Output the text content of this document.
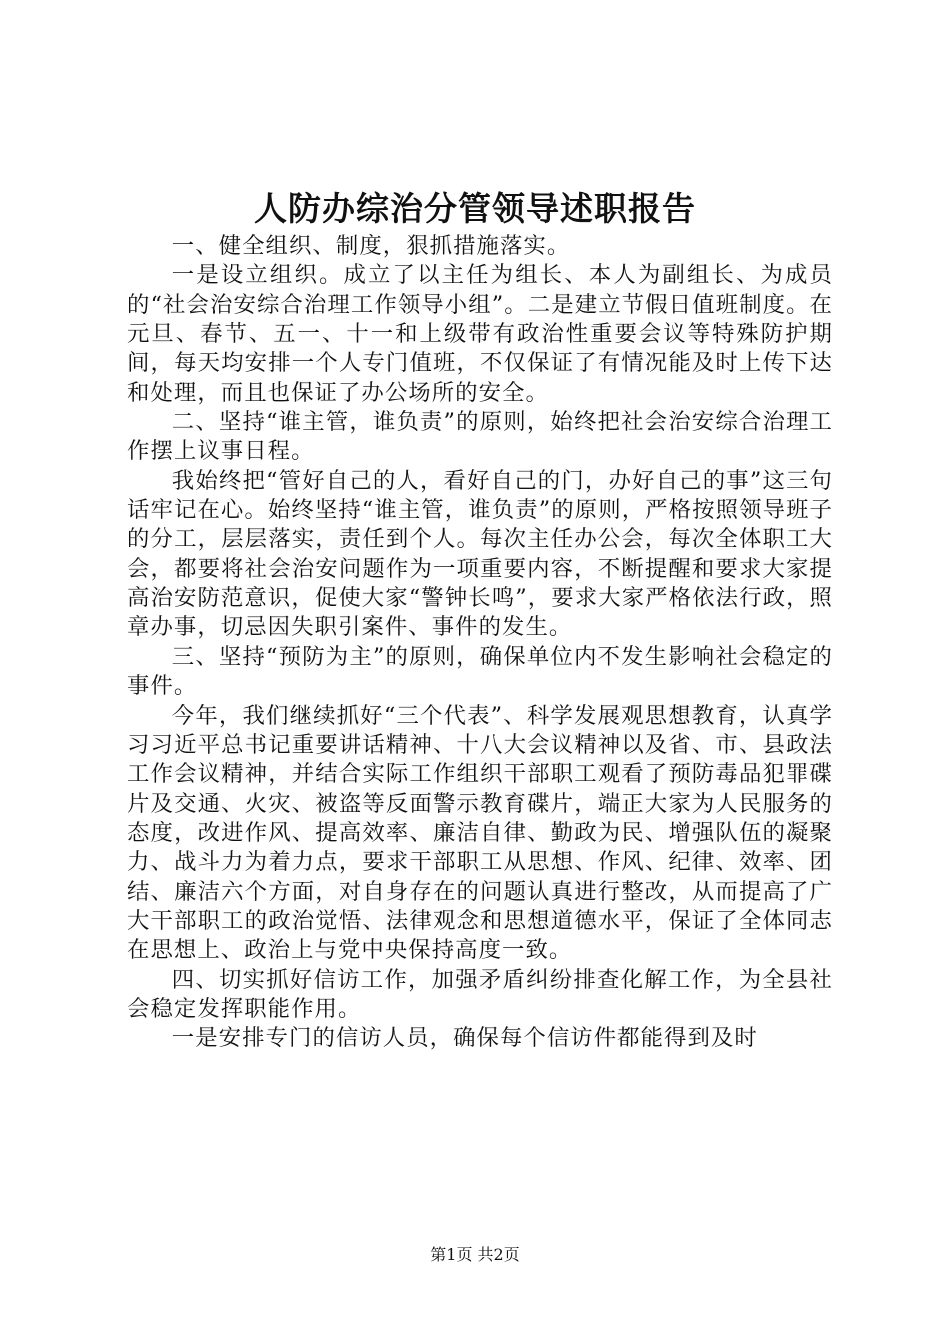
人防办综治分管领导述职报告

一、健全组织、制度，狠抓措施落实。

一是设立组织。成立了以主任为组长、本人为副组长、为成员的“社会治安综合治理工作领导小组”。二是建立节假日值班制度。在元旦、春节、五一、十一和上级带有政治性重要会议等特殊防护期间，每天均安排一个人专门值班，不仅保证了有情况能及时上传下达和处理，而且也保证了办公场所的安全。

二、坚持“谁主管，谁负责”的原则，始终把社会治安综合治理工作摆上议事日程。

我始终把“管好自己的人，看好自己的门，办好自己的事”这三句话牢记在心。始终坚持“谁主管，谁负责”的原则，严格按照领导班子的分工，层层落实，责任到个人。每次主任办公会，每次全体职工大会，都要将社会治安问题作为一项重要内容，不断提醒和要求大家提高治安防范意识，促使大家“警钟长鸣”，要求大家严格依法行政，照章办事，切忌因失职引案件、事件的发生。

三、坚持“预防为主”的原则，确保单位内不发生影响社会稳定的事件。

今年，我们继续抓好“三个代表”、科学发展观思想教育，认真学习习近平总书记重要讲话精神、十八大会议精神以及省、市、县政法工作会议精神，并结合实际工作组织干部职工观看了预防毒品犯罪碟片及交通、火灾、被盗等反面警示教育碟片，端正大家为人民服务的态度，改进作风、提高效率、廉洁自律、勤政为民、增强队伍的凝聚力、战斗力为着力点，要求干部职工从思想、作风、纪律、效率、团结、廉洁六个方面，对自身存在的问题认真进行整改，从而提高了广大干部职工的政治觉悟、法律观念和思想道德水平，保证了全体同志在思想上、政治上与党中央保持高度一致。

四、切实抓好信访工作，加强矛盾纠纷排查化解工作，为全县社会稳定发挥职能作用。

一是安排专门的信访人员，确保每个信访件都能得到及时

第1页 共2页
